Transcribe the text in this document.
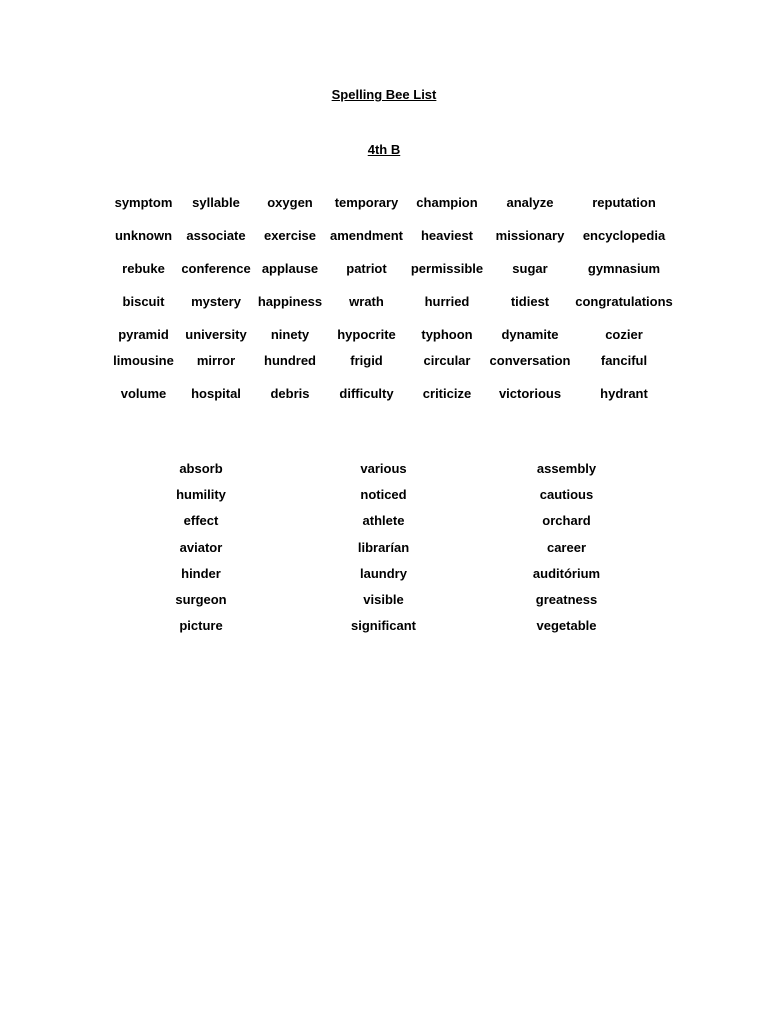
Spelling Bee List
4th B
symptom	syllable	oxygen	temporary	champion	analyze	reputation
unknown	associate	exercise	amendment	heaviest	missionary	encyclopedia
rebuke	conference	applause	patriot	permissible	sugar	gymnasium
biscuit	mystery	happiness	wrath	hurried	tidiest	congratulations
pyramid	university	ninety	hypocrite	typhoon	dynamite	cozier
limousine	mirror	hundred	frigid	circular	conversation	fanciful
volume	hospital	debris	difficulty	criticize	victorious	hydrant
absorb	various	assembly
humility	noticed	cautious
effect	athlete	orchard
aviator	librarían	career
hinder	laundry	auditórium
surgeon	visible	greatness
picture	significant	vegetable
